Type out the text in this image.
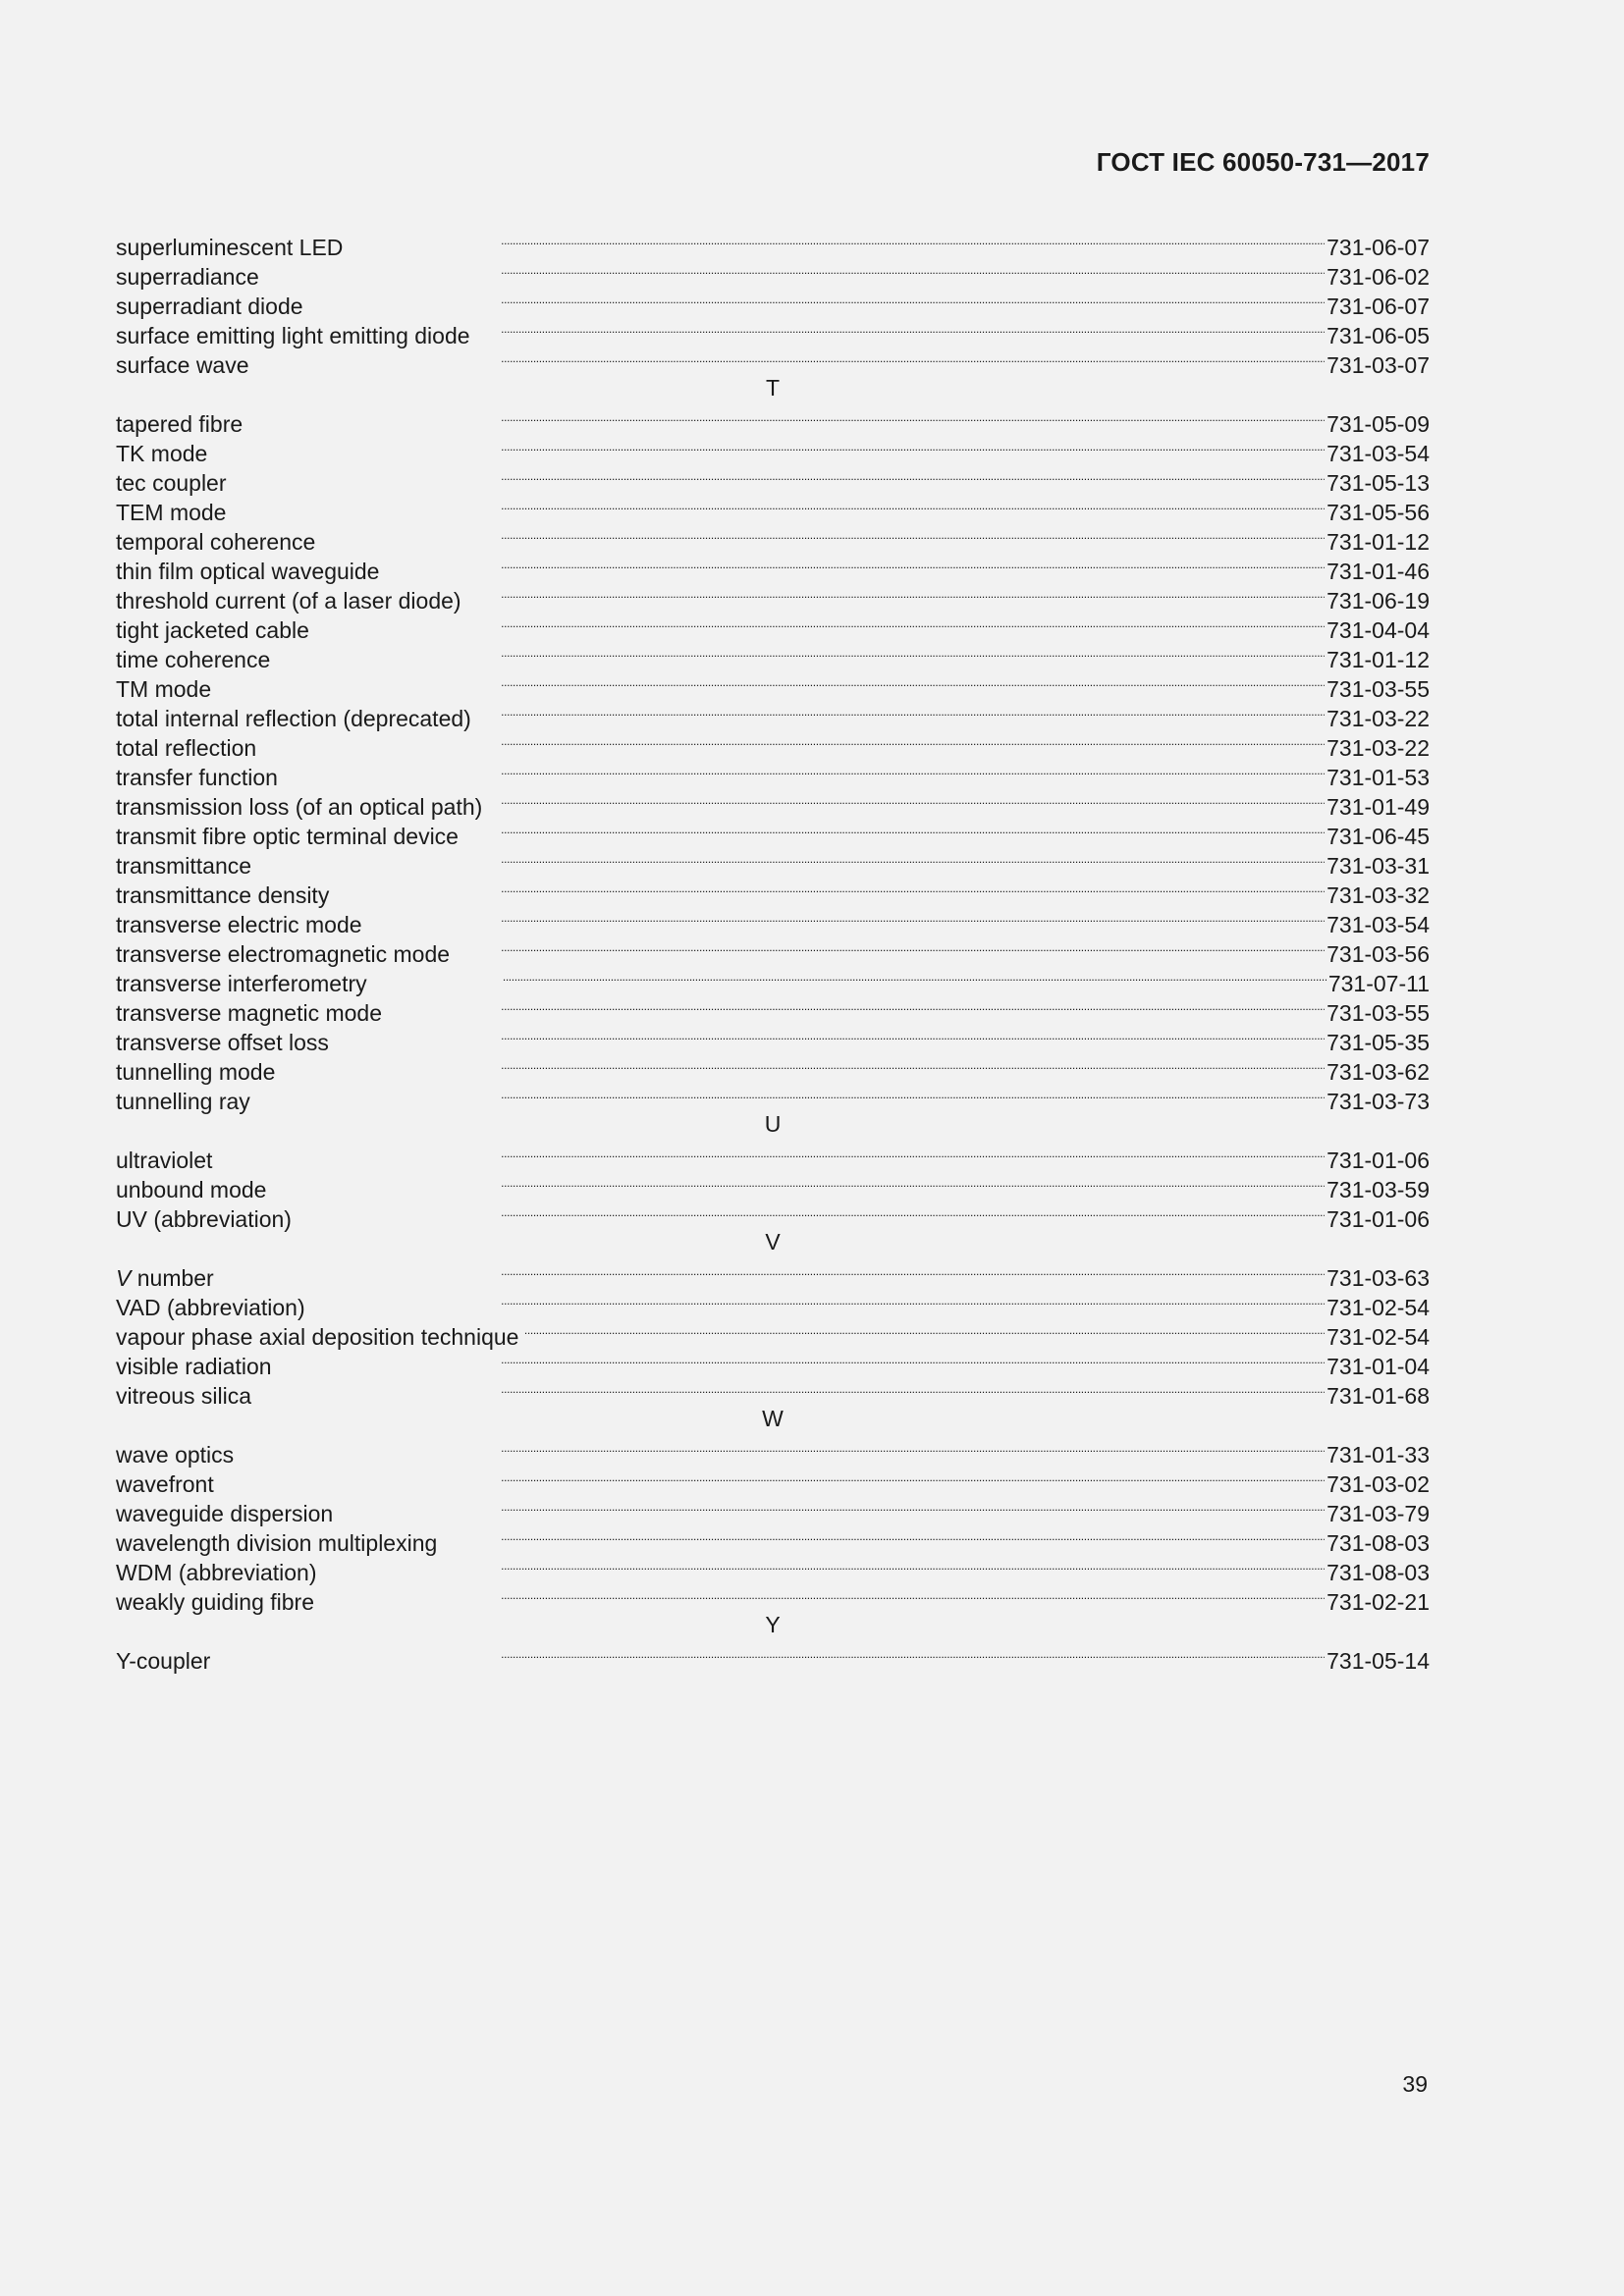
ГОСТ IEC 60050-731—2017
superluminescent LED . . .	731-06-07
superradiance . . .	731-06-02
superradiant diode . . .	731-06-07
surface emitting light emitting diode . . .	731-06-05
surface wave . . .	731-03-07
T
tapered fibre . . .	731-05-09
TK mode . . .	731-03-54
tec coupler . . .	731-05-13
TEM mode . . .	731-05-56
temporal coherence . . .	731-01-12
thin film optical waveguide . . .	731-01-46
threshold current (of a laser diode) . . .	731-06-19
tight jacketed cable . . .	731-04-04
time coherence . . .	731-01-12
TM mode . . .	731-03-55
total internal reflection (deprecated) . . .	731-03-22
total reflection . . .	731-03-22
transfer function . . .	731-01-53
transmission loss (of an optical path) . . .	731-01-49
transmit fibre optic terminal device . . .	731-06-45
transmittance . . .	731-03-31
transmittance density . . .	731-03-32
transverse electric mode . . .	731-03-54
transverse electromagnetic mode . . .	731-03-56
transverse interferometry . . .	731-07-11
transverse magnetic mode . . .	731-03-55
transverse offset loss . . .	731-05-35
tunnelling mode . . .	731-03-62
tunnelling ray . . .	731-03-73
U
ultraviolet . . .	731-01-06
unbound mode . . .	731-03-59
UV (abbreviation) . . .	731-01-06
V
V number . . .	731-03-63
VAD (abbreviation) . . .	731-02-54
vapour phase axial deposition technique . . .	731-02-54
visible radiation . . .	731-01-04
vitreous silica . . .	731-01-68
W
wave optics . . .	731-01-33
wavefront . . .	731-03-02
waveguide dispersion . . .	731-03-79
wavelength division multiplexing . . .	731-08-03
WDM (abbreviation) . . .	731-08-03
weakly guiding fibre . . .	731-02-21
Y
Y-coupler . . .	731-05-14
39
